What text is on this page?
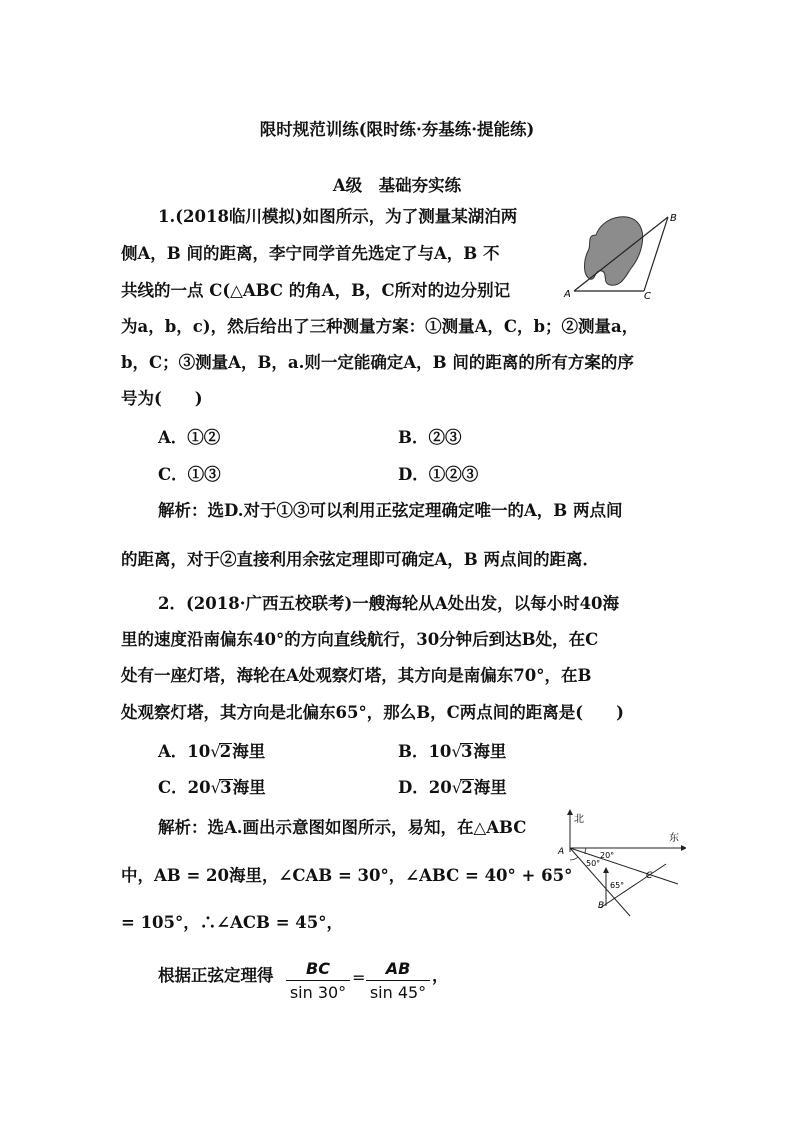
限时规范训练(限时练·夯基练·提能练)
A级　基础夯实练
1.(2018临川模拟)如图所示，为了测量某湖泊两
侧A，B 间的距离，李宁同学首先选定了与A，B 不
共线的一点 C(△ABC 的角A，B，C所对的边分别记
为a，b，c)，然后给出了三种测量方案：①测量A，C，b；②测量a，
b，C；③测量A，B，a.则一定能确定A，B 间的距离的所有方案的序
号为(　　)
A．①②	B．②③
C．①③	D．①②③
解析：选D.对于①③可以利用正弦定理确定唯一的A，B 两点间
的距离，对于②直接利用余弦定理即可确定A，B 两点间的距离．
A
B
C
2．(2018·广西五校联考)一艘海轮从A处出发，以每小时40海
里的速度沿南偏东40°的方向直线航行，30分钟后到达B处，在C
处有一座灯塔，海轮在A处观察灯塔，其方向是南偏东70°，在B
处观察灯塔，其方向是北偏东65°，那么B，C两点间的距离是(　　)
A．10√2海里	B．10√3海里
C．20√3海里	D．20√2海里
解析：选A.画出示意图如图所示，易知，在△ABC
中，AB = 20海里，∠CAB = 30°，∠ABC = 40° + 65°
= 105°，∴∠ACB = 45°，
根据正弦定理得 $\frac{BC}{\sin 30^\circ} = \frac{AB}{\sin 45^\circ}$ ，
北
东
20°
50°
65°
A
B
C
